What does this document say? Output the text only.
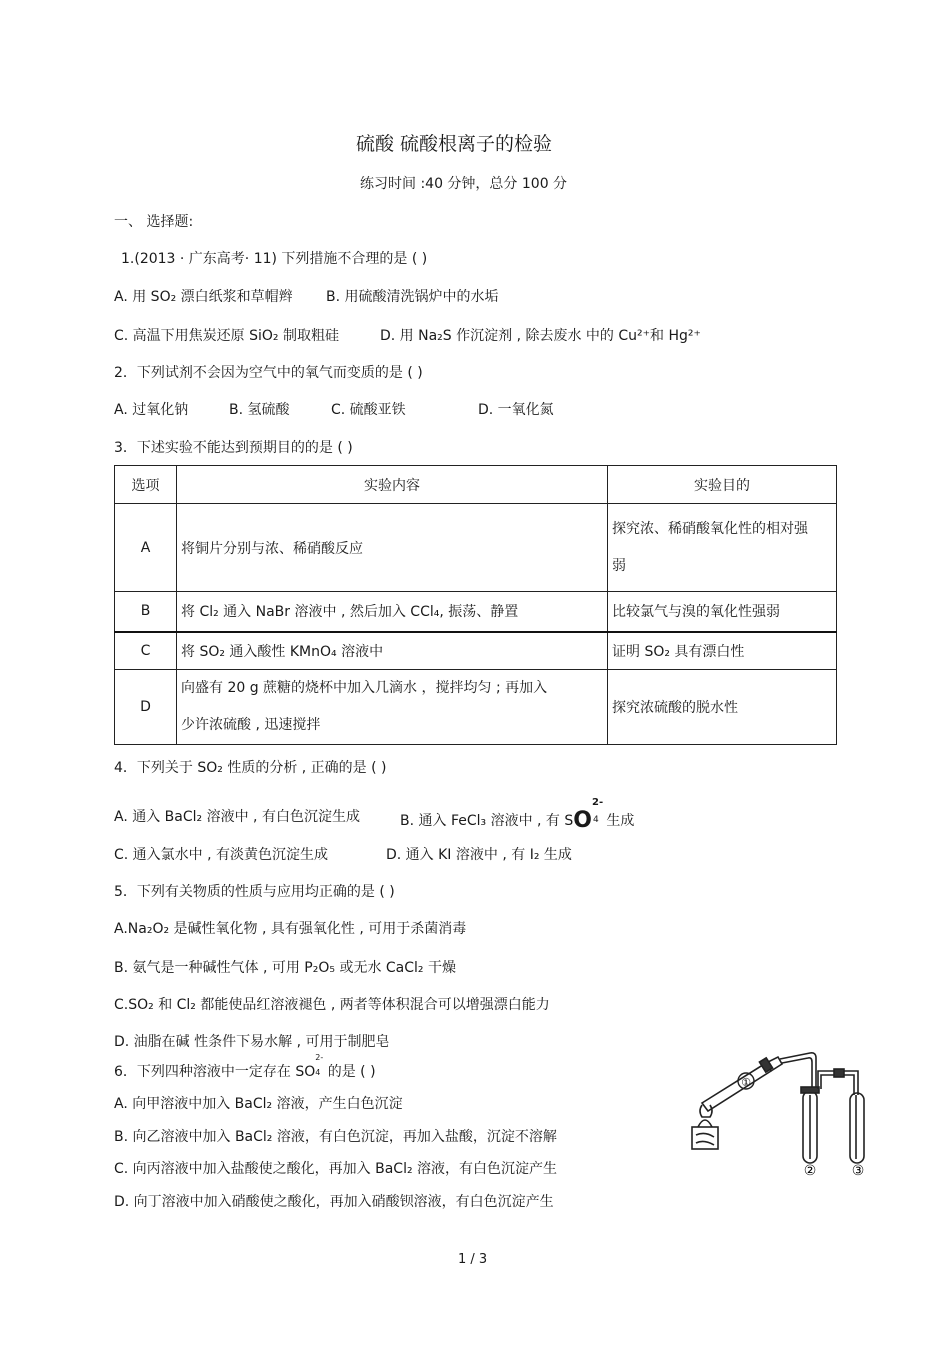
硫酸 硫酸根离子的检验
练习时间 :40 分钟，总分 100 分
一、 选择题:
1.(2013 · 广东高考· 11) 下列措施不合理的是 ( )
A. 用 SO₂ 漂白纸浆和草帽辫 B. 用硫酸清洗锅炉中的水垢
C. 高温下用焦炭还原 SiO₂ 制取粗硅	D. 用 Na₂S 作沉淀剂 , 除去废水 中的 Cu²⁺和 Hg²⁺
2．下列试剂不会因为空气中的氧气而变质的是 ( )
A. 过氧化钠	B. 氢硫酸	C. 硫酸亚铁	D. 一氧化氮
3．下述实验不能达到预期目的的是 ( )
选项	实验内容	实验目的
A	将铜片分别与浓、稀硝酸反应	探究浓、稀硝酸氧化性的相对强
弱

B	将 Cl₂ 通入 NaBr 溶液中 , 然后加入 CCl₄, 振荡、静置	比较氯气与溴的氧化性强弱
C	将 SO₂ 通入酸性 KMnO₄ 溶液中	证明 SO₂ 具有漂白性
D	向盛有 20 g 蔗糖的烧杯中加入几滴水 ，搅拌均匀 ; 再加入
少许浓硫酸 , 迅速搅拌	探究浓硫酸的脱水性
4．下列关于 SO₂ 性质的分析 , 正确的是 ( )
A. 通入 BaCl₂ 溶液中 , 有白色沉淀生成	B. 通入 FeCl₃ 溶液中 , 有 SO
2-
4 生成
C. 通入氯水中 , 有淡黄色沉淀生成	D. 通入 KI 溶液中 , 有 I₂ 生成
5．下列有关物质的性质与应用均正确的是 ( )
A.Na₂O₂ 是碱性氧化物 , 具有强氧化性 , 可用于杀菌消毒
B. 氨气是一种碱性气体 , 可用 P₂O₅ 或无水 CaCl₂ 干燥
C.SO₂ 和 Cl₂ 都能使品红溶液褪色 , 两者等体积混合可以增强漂白能力
D. 油脂在碱 性条件下易水解 , 可用于制肥皂
6．下列四种溶液中一定存在 SO
2-
4 的是 ( )
A. 向甲溶液中加入 BaCl₂ 溶液，产生白色沉淀
B. 向乙溶液中加入 BaCl₂ 溶液，有白色沉淀，再加入盐酸，沉淀不溶解
C. 向丙溶液中加入盐酸使之酸化，再加入 BaCl₂ 溶液，有白色沉淀产生
D. 向丁溶液中加入硝酸使之酸化，再加入硝酸钡溶液，有白色沉淀产生
①
②	③
1 / 3
